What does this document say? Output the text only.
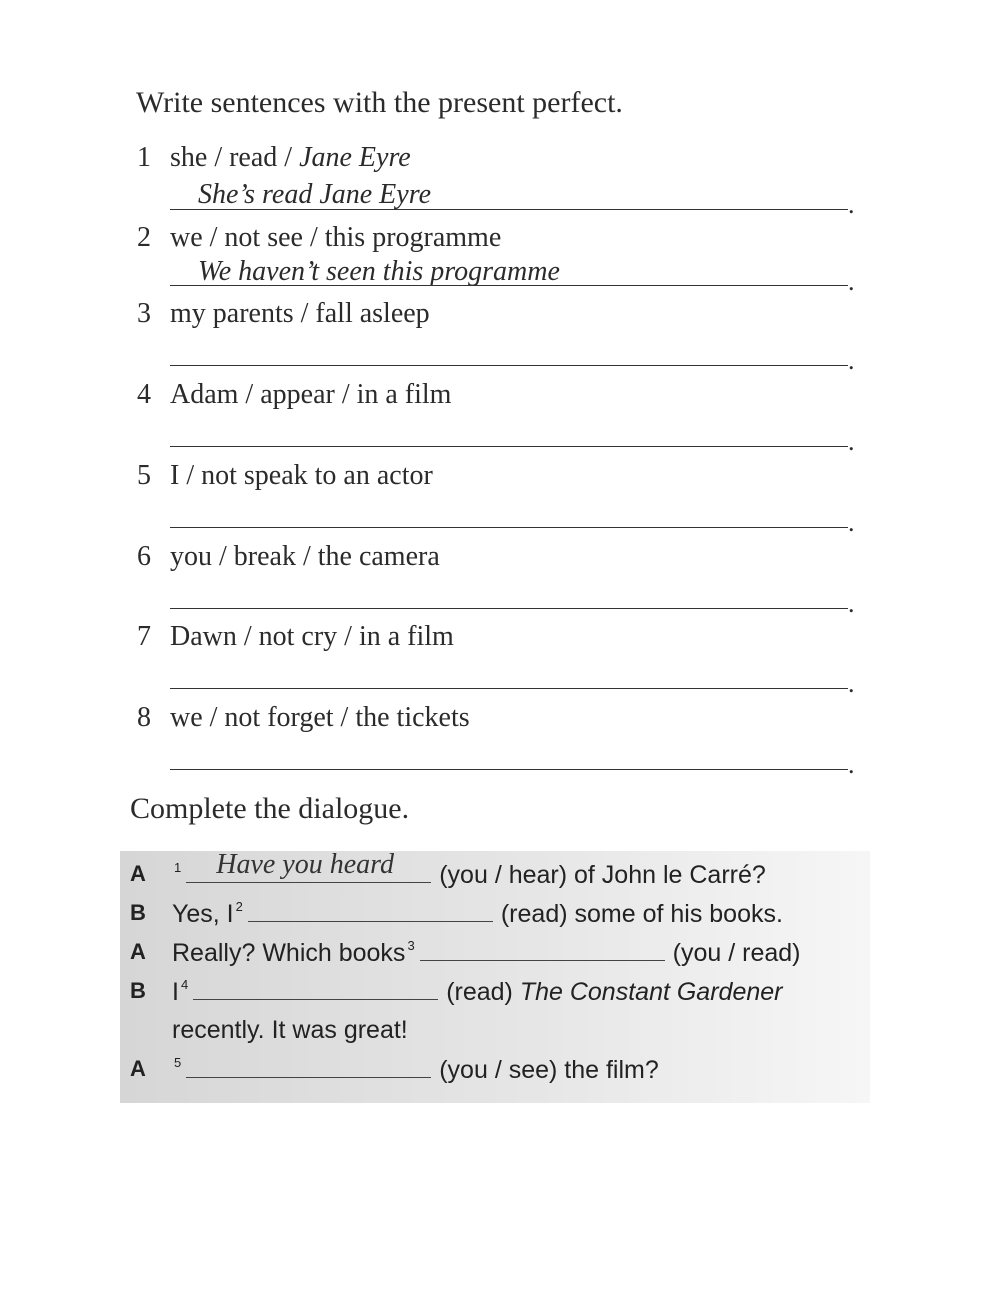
Write sentences with the present perfect.
1 she / read / Jane Eyre
She’s read Jane Eyre	.
2 we / not see / this programme
We haven’t seen this programme	.
3 my parents / fall asleep
.
4 Adam / appear / in a film
.
5 I / not speak to an actor
.
6 you / break / the camera
.
7 Dawn / not cry / in a film
.
8 we / not forget / the tickets
.
Complete the dialogue.
A $^1$ Have you heard (you / hear) of John le Carré?
B Yes, I $^2$	(read) some of his books.
A Really? Which books $^3$	(you / read)
B I $^4$	(read) The Constant Gardener
recently. It was great!
A $^5$	(you / see) the film?
